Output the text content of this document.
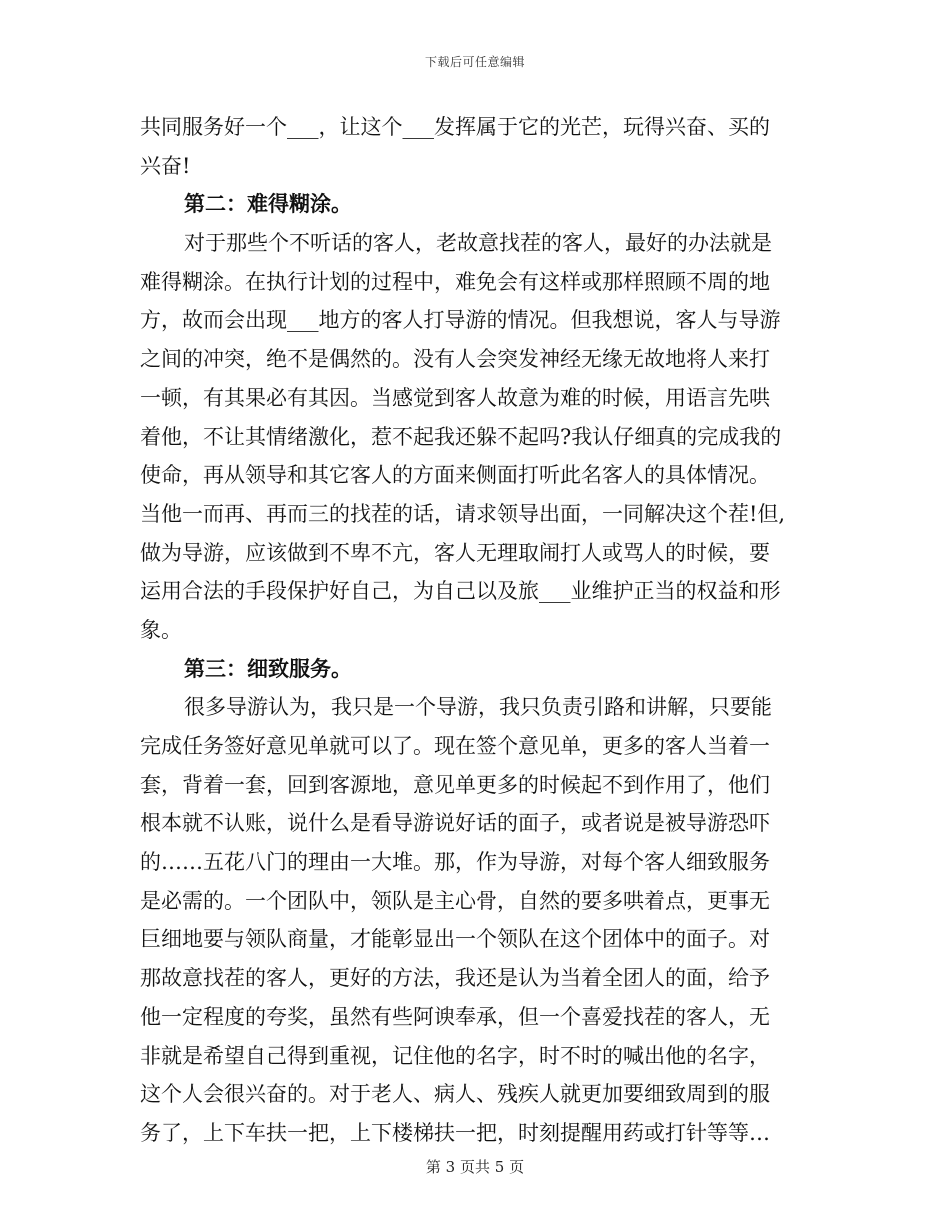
下载后可任意编辑
共同服务好一个___，让这个___发挥属于它的光芒，玩得兴奋、买的
兴奋!
第二：难得糊涂。
对于那些个不听话的客人，老故意找茬的客人，最好的办法就是
难得糊涂。在执行计划的过程中，难免会有这样或那样照顾不周的地
方，故而会出现___地方的客人打导游的情况。但我想说，客人与导游
之间的冲突，绝不是偶然的。没有人会突发神经无缘无故地将人来打
一顿，有其果必有其因。当感觉到客人故意为难的时候，用语言先哄
着他，不让其情绪激化，惹不起我还躲不起吗?我认仔细真的完成我的
使命，再从领导和其它客人的方面来侧面打听此名客人的具体情况。
当他一而再、再而三的找茬的话，请求领导出面，一同解决这个茬!但,
做为导游，应该做到不卑不亢，客人无理取闹打人或骂人的时候，要
运用合法的手段保护好自己，为自己以及旅___业维护正当的权益和形
象。
第三：细致服务。
很多导游认为，我只是一个导游，我只负责引路和讲解，只要能
完成任务签好意见单就可以了。现在签个意见单，更多的客人当着一
套，背着一套，回到客源地，意见单更多的时候起不到作用了，他们
根本就不认账，说什么是看导游说好话的面子，或者说是被导游恐吓
的……五花八门的理由一大堆。那，作为导游，对每个客人细致服务
是必需的。一个团队中，领队是主心骨，自然的要多哄着点，更事无
巨细地要与领队商量，才能彰显出一个领队在这个团体中的面子。对
那故意找茬的客人，更好的方法，我还是认为当着全团人的面，给予
他一定程度的夸奖，虽然有些阿谀奉承，但一个喜爱找茬的客人，无
非就是希望自己得到重视，记住他的名字，时不时的喊出他的名字，
这个人会很兴奋的。对于老人、病人、残疾人就更加要细致周到的服
务了，上下车扶一把，上下楼梯扶一把，时刻提醒用药或打针等等…
第 3 页共 5 页
